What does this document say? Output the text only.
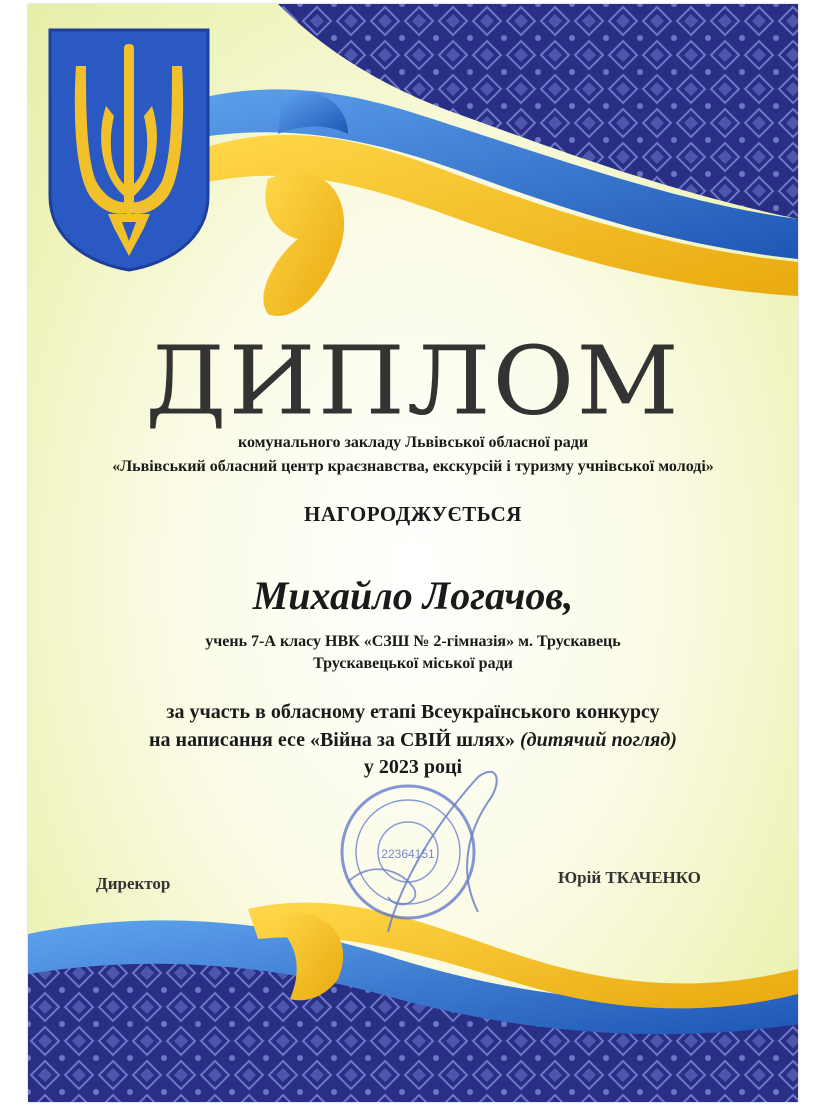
ДИПЛОМ

комунального закладу Львівської обласної ради

«Львівський обласний центр краєзнавства, екскурсій і туризму учнівської молоді»

НАГОРОДЖУЄТЬСЯ

Михайло Логачов,

учень 7-А класу НВК «СЗШ № 2-гімназія» м. Трускавець

Трускавецької міської ради

за участь в обласному етапі Всеукраїнського конкурсу

на написання есе «Війна за СВІЙ шлях» (дитячий погляд)

у 2023 році

Директор	Юрій ТКАЧЕНКО
22364151
